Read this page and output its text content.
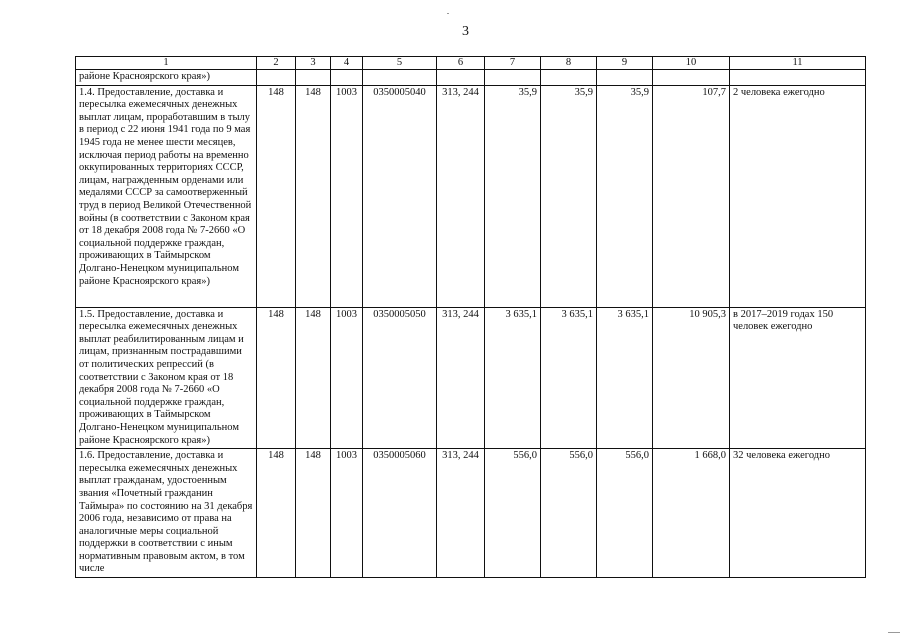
3
1	2	3	4	5	6	7	8	9	10	11
районе Красноярского края»)										
1.4. Предоставление, доставка и пересылка ежемесячных денежных выплат лицам, проработавшим в тылу в период с 22 июня 1941 года по 9 мая 1945 года не менее шести месяцев, исключая период работы на временно оккупированных территориях СССР, лицам, награжденным орденами или медалями СССР за самоотверженный труд в период Великой Отечественной войны (в соответствии с Законом края от 18 декабря 2008 года № 7-2660 «О социальной поддержке граждан, проживающих в Таймырском Долгано-Ненецком муниципальном районе Красноярского края»)	148	148	1003	0350005040	313, 244	35,9	35,9	35,9	107,7	2 человека ежегодно
1.5. Предоставление, доставка и пересылка ежемесячных денежных выплат реабилитированным лицам и лицам, признанным пострадавшими от политических репрессий (в соответствии с Законом края от 18 декабря 2008 года № 7-2660 «О социальной поддержке граждан, проживающих в Таймырском Долгано-Ненецком муниципальном районе Красноярского края»)	148	148	1003	0350005050	313, 244	3 635,1	3 635,1	3 635,1	10 905,3	в 2017–2019 годах 150 человек ежегодно
1.6. Предоставление, доставка и пересылка ежемесячных денежных выплат гражданам, удостоенным звания «Почетный гражданин Таймыра» по состоянию на 31 декабря 2006 года, независимо от права на аналогичные меры социальной поддержки в соответствии с иным нормативным правовым актом, в том числе	148	148	1003	0350005060	313, 244	556,0	556,0	556,0	1 668,0	32 человека ежегодно
